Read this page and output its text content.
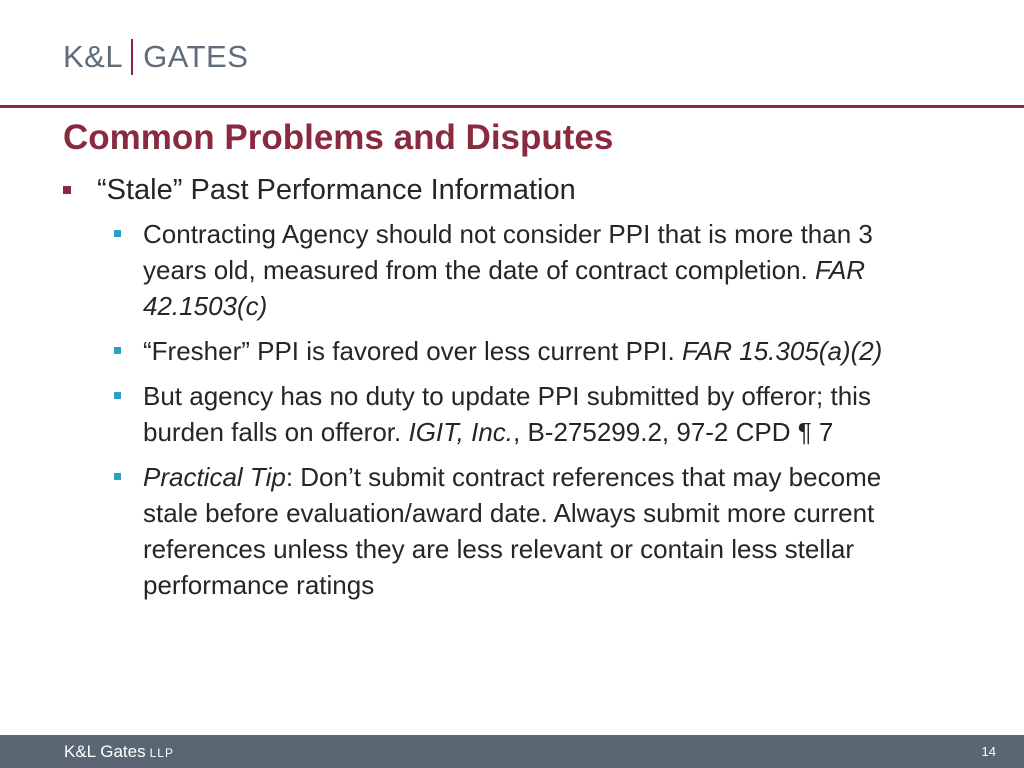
K&L GATES
Common Problems and Disputes
“Stale” Past Performance Information
Contracting Agency should not consider PPI that is more than 3 years old, measured from the date of contract completion. FAR 42.1503(c)
“Fresher” PPI is favored over less current PPI. FAR 15.305(a)(2)
But agency has no duty to update PPI submitted by offeror; this burden falls on offeror. IGIT, Inc., B-275299.2, 97-2 CPD ¶ 7
Practical Tip: Don’t submit contract references that may become stale before evaluation/award date. Always submit more current references unless they are less relevant or contain less stellar performance ratings
K&L Gates LLP	14
